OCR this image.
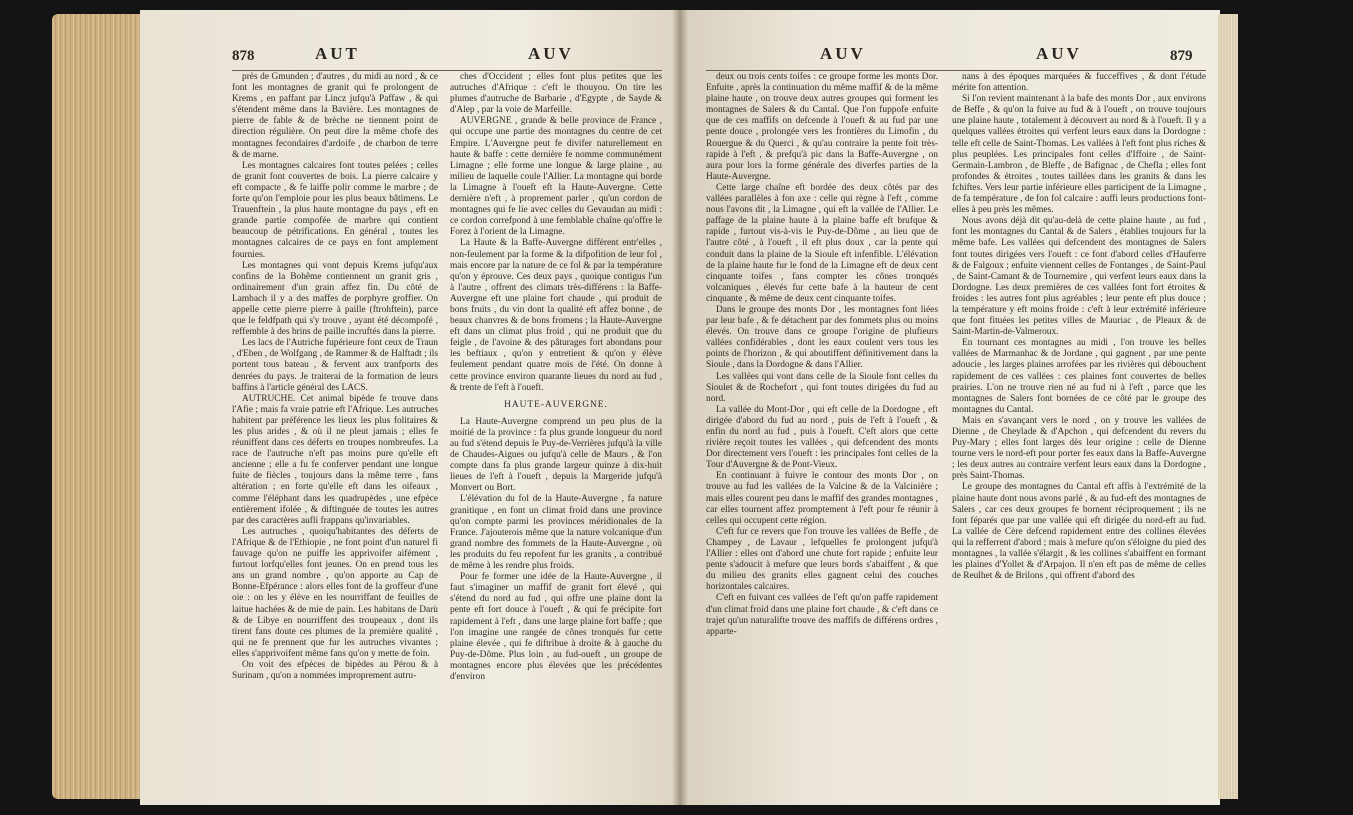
878	AUT	AUV

près de Gmunden ; d'autres , du midi au nord , & ce font les montagnes de granit qui fe prolongent de Krems , en paffant par Lincz jufqu'à Paffaw , & qui s'étendent même dans la Bavière. Les montagnes de pierre de fable & de brèche ne tiennent point de direction régulière. On peut dire la même chofe des montagnes fecondaires d'ardoife , de charbon de terre & de marne.

Les montagnes calcaires font toutes pelées ; celles de granit font couvertes de bois. La pierre calcaire y eft compacte , & fe laiffe polir comme le marbre ; de forte qu'on l'emploie pour les plus beaux bâtimens. Le Trauenftein , la plus haute montagne du pays , eft en grande partie compofée de marbre qui contient beaucoup de pétrifications. En général , toutes les montagnes calcaires de ce pays en font amplement fournies.

Les montagnes qui vont depuis Krems jufqu'aux confins de la Bohême contiennent un granit gris , ordinairement d'un grain affez fin. Du côté de Lambach il y a des maffes de porphyre groffier. On appelle cette pierre pierre à paille (ftrohftein), parce que le feldfpath qui s'y trouve , ayant été décompofé , reffemble à des brins de paille incruftés dans la pierre.

Les lacs de l'Autriche fupérieure font ceux de Traun , d'Eben , de Wolfgang , de Rammer & de Halftadt ; ils portent tous bateau , & fervent aux tranfports des denrées du pays. Je traiterai de la formation de leurs baffins à l'article général des LACS.

AUTRUCHE. Cet animal bipède fe trouve dans l'Afie ; mais fa vraie patrie eft l'Afrique. Les autruches habitent par préférence les lieux les plus folitaires & les plus arides , & où il ne pleut jamais ; elles fe réuniffent dans ces déferts en troupes nombreufes. La race de l'autruche n'eft pas moins pure qu'elle eft ancienne ; elle a fu fe conferver pendant une longue fuite de fiècles , toujours dans la même terre , fans altération ; en forte qu'elle eft dans les oifeaux , comme l'éléphant dans les quadrupèdes , une efpèce entièrement ifolée , & diftinguée de toutes les autres par des caractères aufli frappans qu'invariables.

Les autruches , quoiqu'habitantes des déferts de l'Afrique & de l'Ethiopie , ne font point d'un naturel fi fauvage qu'on ne puiffe les apprivoifer aifément , furtout lorfqu'elles font jeunes. On en prend tous les ans un grand nombre , qu'on apporte au Cap de Bonne-Efpérance : alors elles font de la groffeur d'une oie : on les y élève en les nourriffant de feuilles de laitue hachées & de mie de pain. Les habitans de Darù & de Libye en nourriffent des troupeaux , dont ils tirent fans doute ces plumes de la première qualité , qui ne fe prennent que fur les autruches vivantes ; elles s'apprivoifent même fans qu'on y mette de foin.

On voit des efpèces de bipèdes au Pérou & à Surinam , qu'on a nommées improprement autru-

ches d'Occident ; elles font plus petites que les autruches d'Afrique : c'eft le thouyou. On tire les plumes d'autruche de Barbarie , d'Egypte , de Sayde & d'Alep , par la voie de Marfeille.

AUVERGNE , grande & belle province de France , qui occupe une partie des montagnes du centre de cet Empire. L'Auvergne peut fe divifer naturellement en haute & baffe : cette dernière fe nomme communément Limagne ; elle forme une longue & large plaine , au milieu de laquelle coule l'Allier. La montagne qui borde la Limagne à l'oueft eft la Haute-Auvergne. Cette dernière n'eft , à proprement parler , qu'un cordon de montagnes qui fe lie avec celles du Gevaudan au midi : ce cordon correfpond à une femblable chaîne qu'offre le Forez à l'orient de la Limagne.

La Haute & la Baffe-Auvergne diffèrent entr'elles , non-feulement par la forme & la difpofition de leur fol , mais encore par la nature de ce fol & par la température qu'on y éprouve. Ces deux pays , quoique contigus l'un à l'autre , offrent des climats très-différens : la Baffe-Auvergne eft une plaine fort chaude , qui produit de bons fruits , du vin dont la qualité eft affez bonne , de beaux chanvres & de bons fromens ; la Haute-Auvergne eft dans un climat plus froid , qui ne produit que du feigle , de l'avoine & des pâturages fort abondans pour les beftiaux , qu'on y entretient & qu'on y élève feulement pendant quatre mois de l'été. On donne à cette province environ quarante lieues du nord au fud , & trente de l'eft à l'oueft.

HAUTE-AUVERGNE.

La Haute-Auvergne comprend un peu plus de la moitié de la province : fa plus grande longueur du nord au fud s'étend depuis le Puy-de-Verrières jufqu'à la ville de Chaudes-Aigues ou jufqu'à celle de Maurs , & l'on compte dans fa plus grande largeur quinze à dix-huit lieues de l'eft à l'oueft , depuis la Margeride jufqu'à Monvert ou Bort.

L'élévation du fol de la Haute-Auvergne , fa nature granitique , en font un climat froid dans une province qu'on compte parmi les provinces méridionales de la France. J'ajouterois même que la nature volcanique d'un grand nombre des fommets de la Haute-Auvergne , où les produits du feu repofent fur les granits , a contribué de même à les rendre plus froids.

Pour fe former une idée de la Haute-Auvergne , il faut s'imaginer un maffif de granit fort élevé , qui s'étend du nord au fud , qui offre une plaine dont la pente eft fort douce à l'oueft , & qui fe précipite fort rapidement à l'eft , dans une large plaine fort baffe ; que l'on imagine une rangée de cônes tronqués fur cette plaine élevée , qui fe diftribue à droite & à gauche du Puy-de-Dôme. Plus loin , au fud-oueft , un groupe de montagnes encore plus élevées que les précédentes d'environ

AUV	AUV	879

deux ou trois cents toifes : ce groupe forme les monts Dor. Enfuite , après la continuation du même maffif & de la même plaine haute , on trouve deux autres groupes qui forment les montagnes de Salers & du Cantal. Que l'on fuppofe enfuite que de ces maffifs on defcende à l'oueft & au fud par une pente douce , prolongée vers les frontières du Limofin , du Rouergue & du Querci , & qu'au contraire la pente foit très-rapide à l'eft , & prefqu'à pic dans la Baffe-Auvergne , on aura pour lors la forme générale des diverfes parties de la Haute-Auvergne.

Cette large chaîne eft bordée des deux côtés par des vallées parallèles à fon axe : celle qui règne à l'eft , comme nous l'avons dit , la Limagne , qui eft la vallée de l'Allier. Le paffage de la plaine haute à la plaine baffe eft brufque & rapide , furtout vis-à-vis le Puy-de-Dôme , au lieu que de l'autre côté , à l'oueft , il eft plus doux , car la pente qui conduit dans la plaine de la Sioule eft infenfible. L'élévation de la plaine haute fur le fond de la Limagne eft de deux cent cinquante toifes , fans compter les cônes tronqués volcaniques , élevés fur cette bafe à la hauteur de cent cinquante , & même de deux cent cinquante toifes.

Dans le groupe des monts Dor , les montagnes font liées par leur bafe , & fe détachent par des fommets plus ou moins élevés. On trouve dans ce groupe l'origine de plufieurs vallées confidérables , dont les eaux coulent vers tous les points de l'horizon , & qui aboutiffent définitivement dans la Sioule , dans la Dordogne & dans l'Allier.

Les vallées qui vont dans celle de la Sioule font celles du Sioulet & de Rochefort , qui font toutes dirigées du fud au nord.

La vallée du Mont-Dor , qui eft celle de la Dordogne , eft dirigée d'abord du fud au nord , puis de l'eft à l'oueft , & enfin du nord au fud , puis à l'oueft. C'eft alors que cette rivière reçoit toutes les vallées , qui defcendent des monts Dor directement vers l'oueft : les principales font celles de la Tour d'Auvergne & de Pont-Vieux.

En continuant à fuivre le contour des monts Dor , on trouve au fud les vallées de la Valcine & de la Valcinière ; mais elles courent peu dans le maffif des grandes montagnes , car elles tournent affez promptement à l'eft pour fe réunir à celles qui occupent cette région.

C'eft fur ce revers que l'on trouve les vallées de Beffe , de Champey , de Lavaur , lefquelles fe prolongent jufqu'à l'Allier : elles ont d'abord une chute fort rapide ; enfuite leur pente s'adoucit à mefure que leurs bords s'abaiffent , & que du milieu des granits elles gagnent celui des couches horizontales calcaires.

C'eft en fuivant ces vallées de l'eft qu'on paffe rapidement d'un climat froid dans une plaine fort chaude , & c'eft dans ce trajet qu'un naturalifte trouve des maffifs de différens ordres , apparte-

nans à des époques marquées & fucceffives , & dont l'étude mérite fon attention.

Si l'on revient maintenant à la bafe des monts Dor , aux environs de Beffe , & qu'on la fuive au fud & à l'oueft , on trouve toujours une plaine haute , totalement à découvert au nord & à l'oueft. Il y a quelques vallées étroites qui verfent leurs eaux dans la Dordogne : telle eft celle de Saint-Thomas. Les vallées à l'eft font plus riches & plus peuplées. Les principales font celles d'Iffoire , de Saint-Germain-Lambron , de Bleffe , de Bafignac , de Chefla ; elles font profondes & étroites , toutes taillées dans les granits & dans les fchiftes. Vers leur partie inférieure elles participent de la Limagne , de fa température , de fon fol calcaire : auffi leurs productions font-elles à peu près les mêmes.

Nous avons déjà dit qu'au-delà de cette plaine haute , au fud , font les montagnes du Cantal & de Salers , établies toujours fur la même bafe. Les vallées qui defcendent des montagnes de Salers font toutes dirigées vers l'oueft : ce font d'abord celles d'Hauferre & de Falgoux ; enfuite viennent celles de Fontanges , de Saint-Paul , de Saint-Camant & de Tournemire , qui verfent leurs eaux dans la Dordogne. Les deux premières de ces vallées font fort étroites & froides : les autres font plus agréables ; leur pente eft plus douce ; la température y eft moins froide : c'eft à leur extrémité inférieure que font fituées les petites villes de Mauriac , de Pleaux & de Saint-Martin-de-Valmeroux.

En tournant ces montagnes au midi , l'on trouve les belles vallées de Marmanhac & de Jordane , qui gagnent , par une pente adoucie , les larges plaines arrofées par les rivières qui débouchent rapidement de ces vallées : ces plaines font couvertes de belles prairies. L'on ne trouve rien né au fud ni à l'eft , parce que les montagnes de Salers font bornées de ce côté par le groupe des montagnes du Cantal.

Mais en s'avançant vers le nord , on y trouve les vallées de Dienne , de Cheylade & d'Apchon , qui defcendent du revers du Puy-Mary ; elles font larges dès leur origine : celle de Dienne tourne vers le nord-eft pour porter fes eaux dans la Baffe-Auvergne ; les deux autres au contraire verfent leurs eaux dans la Dordogne , près Saint-Thomas.

Le groupe des montagnes du Cantal eft affis à l'extrémité de la plaine haute dont nous avons parlé , & au fud-eft des montagnes de Salers , car ces deux groupes fe bornent réciproquement ; ils ne font féparés que par une vallée qui eft dirigée du nord-eft au fud. La vallée de Cère defcend rapidement entre des collines élevées qui la refferrent d'abord ; mais à mefure qu'on s'éloigne du pied des montagnes , la vallée s'élargit , & les collines s'abaiffent en formant les plaines d'Yollet & d'Arpajon. Il n'en eft pas de même de celles de Reulhet & de Brilons , qui offrent d'abord des
